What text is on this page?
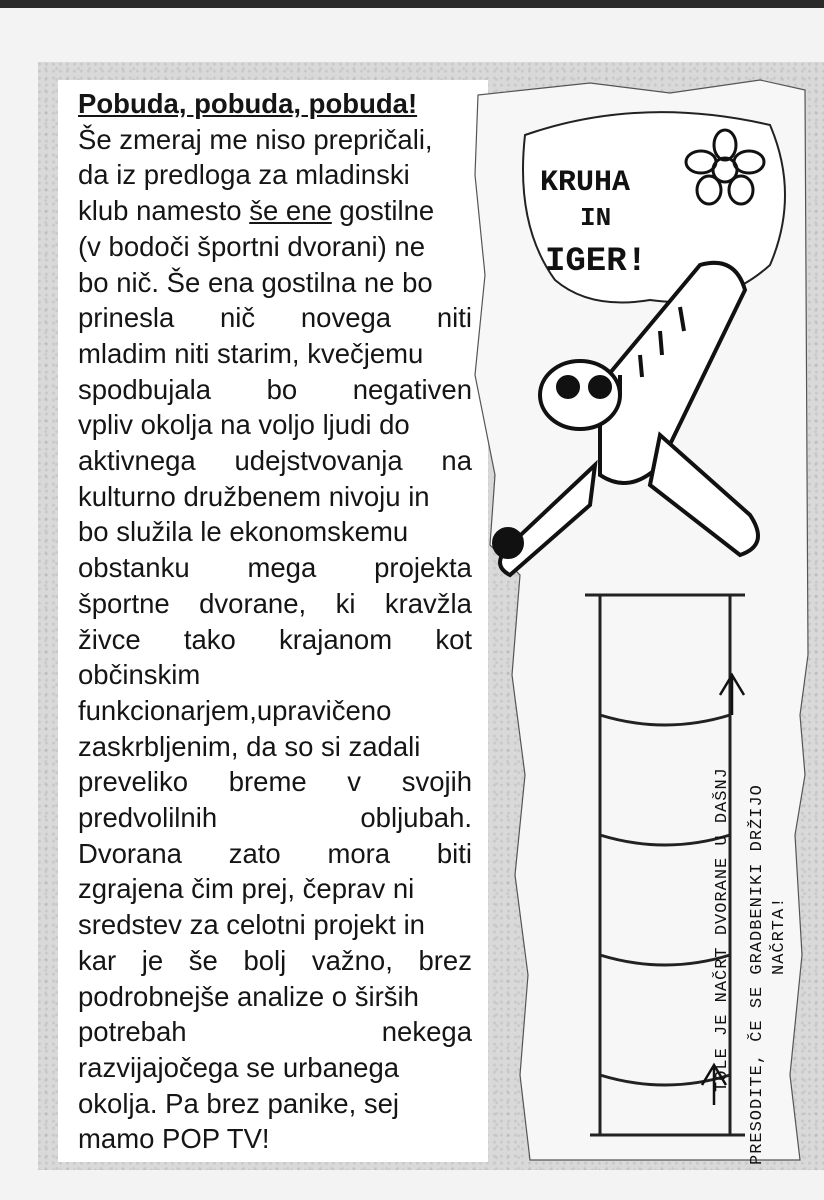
Pobuda, pobuda, pobuda!
Še zmeraj me niso prepričali,
da iz predloga za mladinski
klub namesto še ene gostilne
(v bodoči športni dvorani) ne
bo nič. Še ena gostilna ne bo
prinesla nič novega niti
mladim niti starim, kvečjemu
spodbujala bo negativen
vpliv okolja na voljo ljudi do
aktivnega udejstvovanja na
kulturno družbenem nivoju in
bo služila le ekonomskemu
obstanku mega projekta
športne dvorane, ki kravžla
živce tako krajanom kot
občinskim
funkcionarjem,upravičeno
zaskrbljenim, da so si zadali
preveliko breme v svojih
predvolilnih	obljubah.
Dvorana zato mora biti
zgrajena čim prej, čeprav ni
sredstev za celotni projekt in
kar je še bolj važno, brez
podrobnejše analize o širših
potrebah	nekega
razvijajočega se urbanega
okolja. Pa brez panike, sej
mamo POP TV!
KRUHA
IN
IGER!
TOLE JE NAČRT DVORANE U DAŠNJ PRESODITE, ČE SE GRADBENIKI DRŽIJO NAČRTA!
